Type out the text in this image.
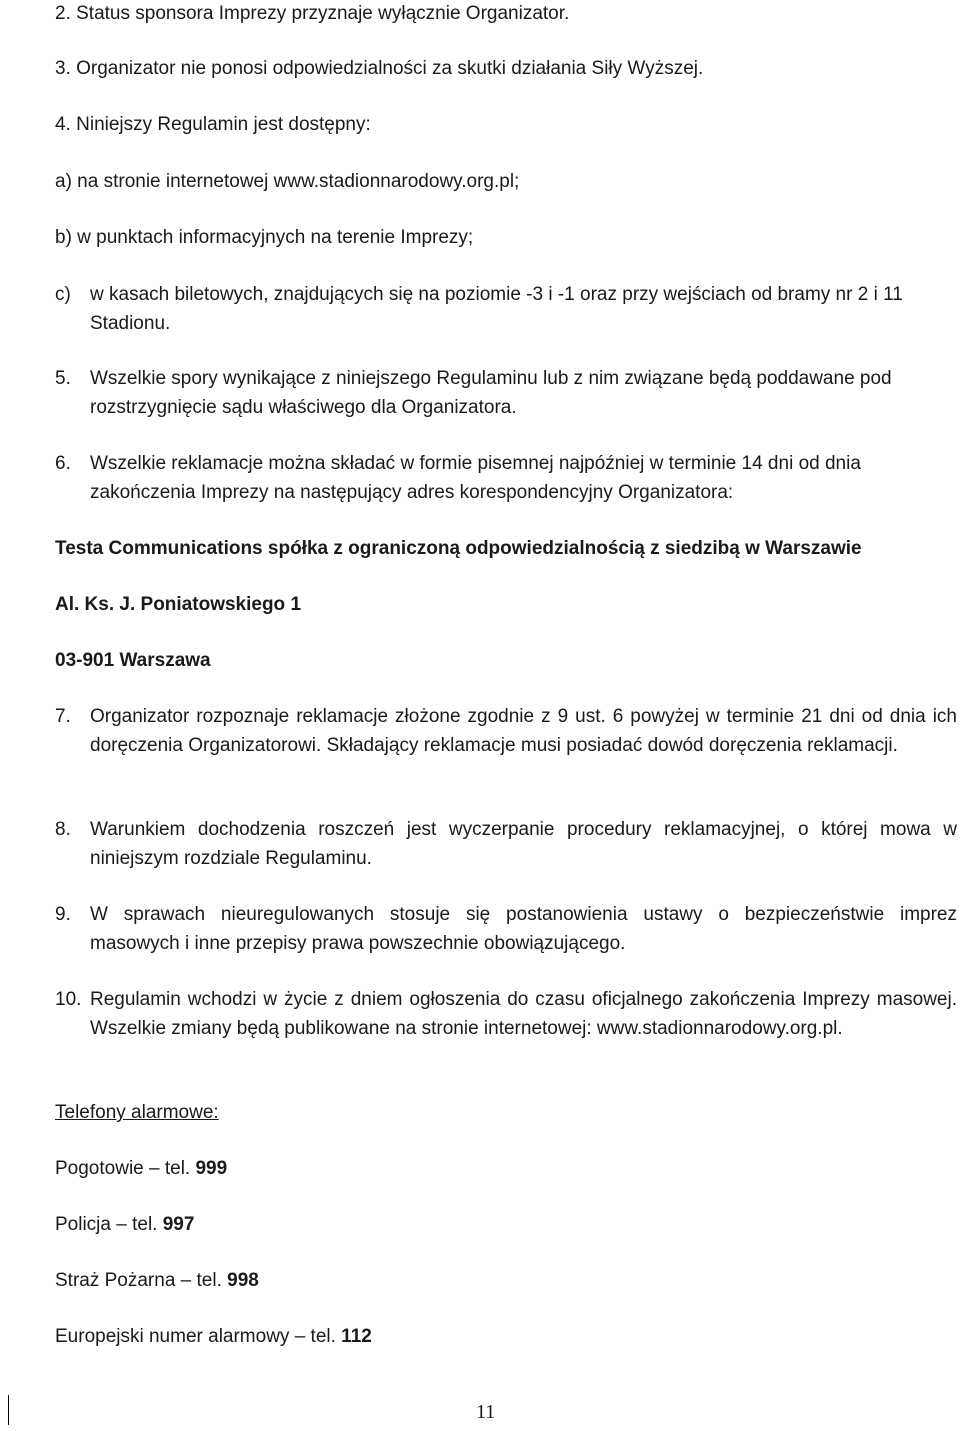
2. Status sponsora Imprezy przyznaje wyłącznie Organizator.
3. Organizator nie ponosi odpowiedzialności za skutki działania Siły Wyższej.
4. Niniejszy Regulamin jest dostępny:
a) na stronie internetowej www.stadionnarodowy.org.pl;
b) w punktach informacyjnych na terenie Imprezy;
c)	w kasach biletowych, znajdujących się na poziomie -3 i -1 oraz przy wejściach od bramy nr 2 i 11 Stadionu.
5.	Wszelkie spory wynikające z niniejszego Regulaminu lub z nim związane będą poddawane pod rozstrzygnięcie sądu właściwego dla Organizatora.
6.	Wszelkie reklamacje można składać w formie pisemnej najpóźniej w terminie 14 dni od dnia zakończenia Imprezy na następujący adres korespondencyjny Organizatora:
Testa Communications spółka z ograniczoną odpowiedzialnością z siedzibą w Warszawie
Al. Ks. J. Poniatowskiego 1
03-901 Warszawa
7.	Organizator rozpoznaje reklamacje złożone zgodnie z 9 ust. 6 powyżej w terminie 21 dni od dnia ich doręczenia Organizatorowi. Składający reklamacje musi posiadać dowód doręczenia reklamacji.
8.	Warunkiem dochodzenia roszczeń jest wyczerpanie procedury reklamacyjnej, o której mowa w niniejszym rozdziale Regulaminu.
9.	W sprawach nieuregulowanych stosuje się postanowienia ustawy o bezpieczeństwie imprez masowych i inne przepisy prawa powszechnie obowiązującego.
10. Regulamin wchodzi w życie z dniem ogłoszenia do czasu oficjalnego zakończenia Imprezy masowej. Wszelkie zmiany będą publikowane na stronie internetowej: www.stadionnarodowy.org.pl.
Telefony alarmowe:
Pogotowie – tel. 999
Policja – tel. 997
Straż Pożarna – tel. 998
Europejski numer alarmowy – tel. 112
11
